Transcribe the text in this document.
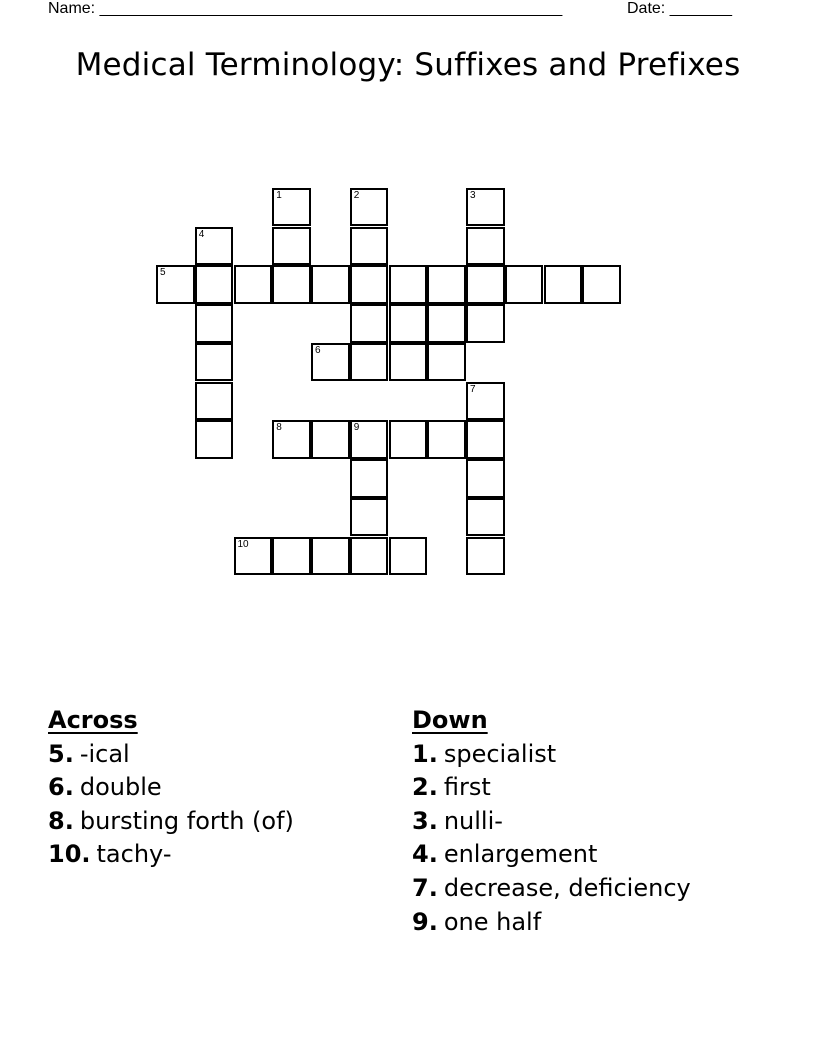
Name: ____________________________________________________	Date: _______
Medical Terminology: Suffixes and Prefixes
1	2	3
4
5
6
7
8	9
10
Across
5. -ical
6. double
8. bursting forth (of)
10. tachy-
Down
1. specialist
2. first
3. nulli-
4. enlargement
7. decrease, deficiency
9. one half
